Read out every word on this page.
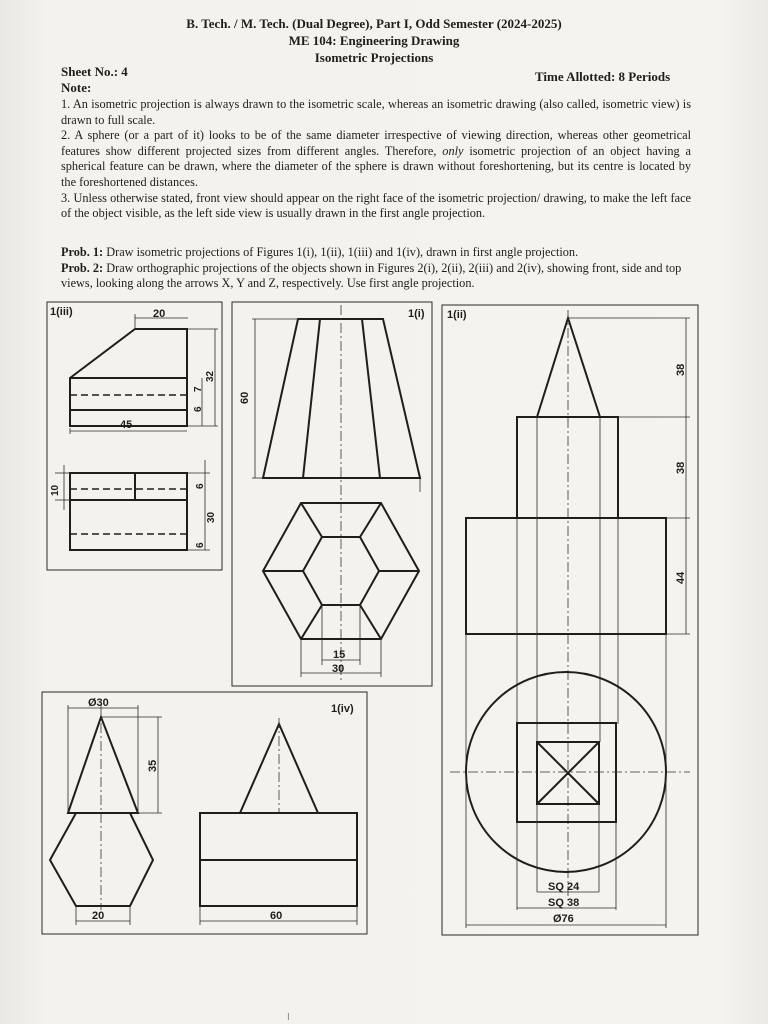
B. Tech. / M. Tech. (Dual Degree), Part I, Odd Semester (2024-2025)
ME 104: Engineering Drawing
Isometric Projections
Sheet No.: 4	Time Allotted: 8 Periods
Note:

1. An isometric projection is always drawn to the isometric scale, whereas an isometric drawing (also called, isometric view) is drawn to full scale.

2. A sphere (or a part of it) looks to be of the same diameter irrespective of viewing direction, whereas other geometrical features show different projected sizes from different angles. Therefore, only isometric projection of an object having a spherical feature can be drawn, where the diameter of the sphere is drawn without foreshortening, but its centre is located by the foreshortened distances.

3. Unless otherwise stated, front view should appear on the right face of the isometric projection/ drawing, to make the left face of the object visible, as the left side view is usually drawn in the first angle projection.

Prob. 1: Draw isometric projections of Figures 1(i), 1(ii), 1(iii) and 1(iv), drawn in first angle projection.

Prob. 2: Draw orthographic projections of the objects shown in Figures 2(i), 2(ii), 2(iii) and 2(iv), showing front, side and top views, looking along the arrows X, Y and Z, respectively. Use first angle projection.

1(iii)	20
45
32
7
6
10	6
30
6
1(i)
60
15
30
1(ii)
38
38
44
SQ 24
SQ 38
Ø76
1(iv)
Ø30
35
20	60
I
